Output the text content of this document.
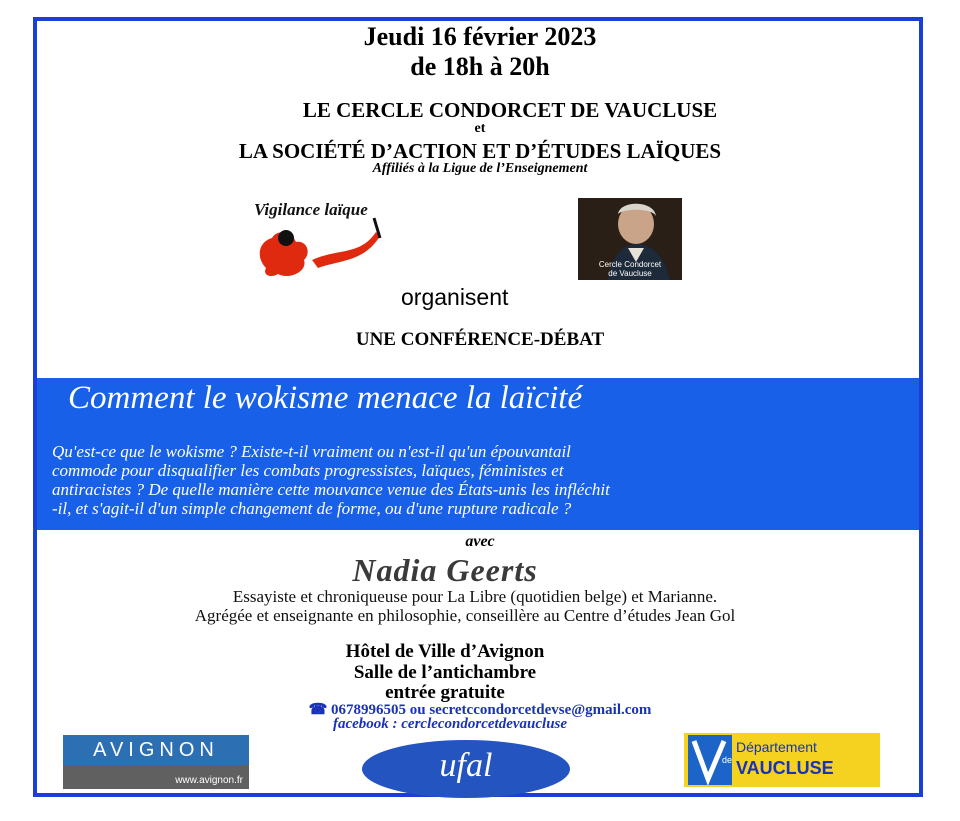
Jeudi 16 février 2023
de 18h à 20h
LE CERCLE CONDORCET DE VAUCLUSE
et
LA SOCIÉTÉ D’ACTION ET D’ÉTUDES LAÏQUES
Affiliés à la Ligue de l’Enseignement
Vigilance laïque
Cercle Condorcet
de Vaucluse
organisent
UNE CONFÉRENCE-DÉBAT
Comment le wokisme menace la laïcité
Qu'est-ce que le wokisme ? Existe-t-il vraiment ou n'est-il qu'un épouvantail
commode pour disqualifier les combats progressistes, laïques, féministes et
antiracistes ? De quelle manière cette mouvance venue des États-unis les infléchit
-il, et s'agit-il d'un simple changement de forme, ou d'une rupture radicale ?
avec
Nadia Geerts
Essayiste et chroniqueuse pour La Libre (quotidien belge) et Marianne.
Agrégée et enseignante en philosophie, conseillère au Centre d’études Jean Gol
Hôtel de Ville d’Avignon
Salle de l’antichambre
entrée gratuite
☎ 0678996505 ou secretccondorcetdevse@gmail.com
facebook : cerclecondorcetdevaucluse
AVIGNON
www.avignon.fr	ufal	de
Département
VAUCLUSE
